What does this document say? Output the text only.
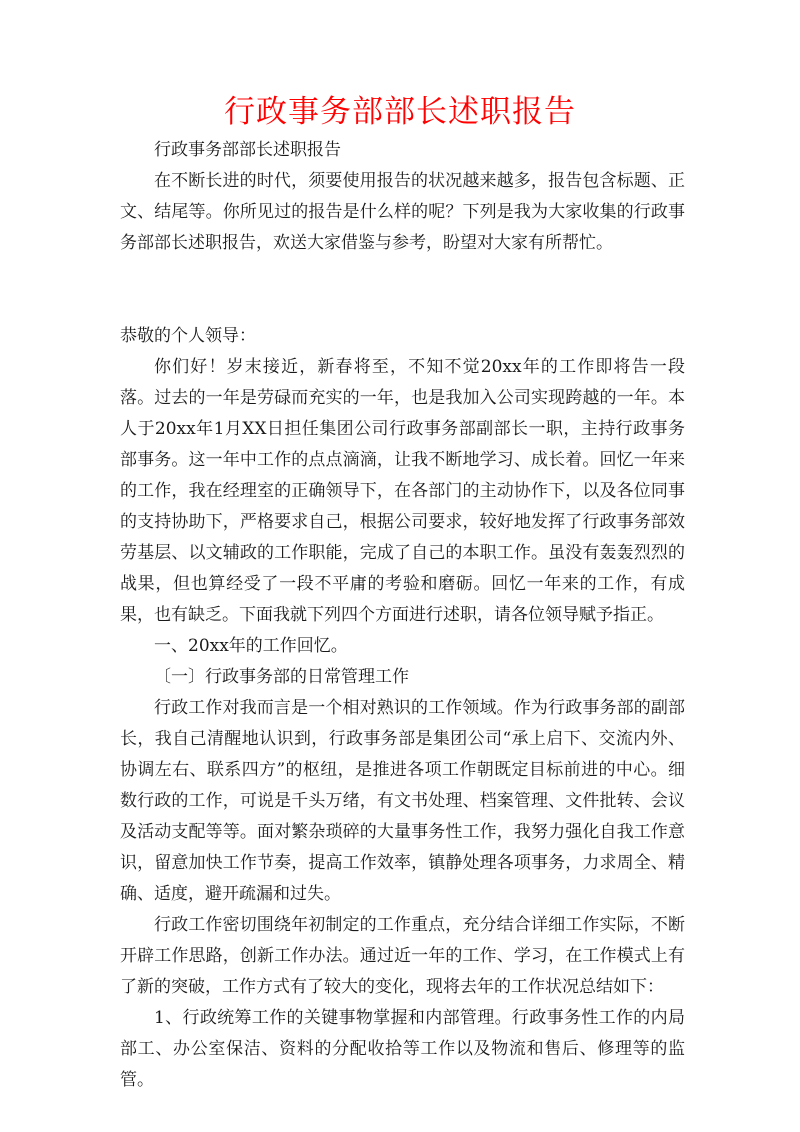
行政事务部部长述职报告

行政事务部部长述职报告

在不断长进的时代，须要使用报告的状况越来越多，报告包含标题、正文、结尾等。你所见过的报告是什么样的呢？下列是我为大家收集的行政事务部部长述职报告，欢送大家借鉴与参考，盼望对大家有所帮忙。

恭敬的个人领导：

你们好！岁末接近，新春将至，不知不觉20xx年的工作即将告一段落。过去的一年是劳碌而充实的一年，也是我加入公司实现跨越的一年。本人于20xx年1月XX日担任集团公司行政事务部副部长一职，主持行政事务部事务。这一年中工作的点点滴滴，让我不断地学习、成长着。回忆一年来的工作，我在经理室的正确领导下，在各部门的主动协作下，以及各位同事的支持协助下，严格要求自己，根据公司要求，较好地发挥了行政事务部效劳基层、以文辅政的工作职能，完成了自己的本职工作。虽没有轰轰烈烈的战果，但也算经受了一段不平庸的考验和磨砺。回忆一年来的工作，有成果，也有缺乏。下面我就下列四个方面进行述职，请各位领导赋予指正。

一、20xx年的工作回忆。

〔一〕行政事务部的日常管理工作

行政工作对我而言是一个相对熟识的工作领域。作为行政事务部的副部长，我自己清醒地认识到，行政事务部是集团公司“承上启下、交流内外、协调左右、联系四方”的枢纽，是推进各项工作朝既定目标前进的中心。细数行政的工作，可说是千头万绪，有文书处理、档案管理、文件批转、会议及活动支配等等。面对繁杂琐碎的大量事务性工作，我努力强化自我工作意识，留意加快工作节奏，提高工作效率，镇静处理各项事务，力求周全、精确、适度，避开疏漏和过失。

行政工作密切围绕年初制定的工作重点，充分结合详细工作实际，不断开辟工作思路，创新工作办法。通过近一年的工作、学习，在工作模式上有了新的突破，工作方式有了较大的变化，现将去年的工作状况总结如下：

1、行政统筹工作的关键事物掌握和内部管理。行政事务性工作的内局部工、办公室保洁、资料的分配收拾等工作以及物流和售后、修理等的监管。
